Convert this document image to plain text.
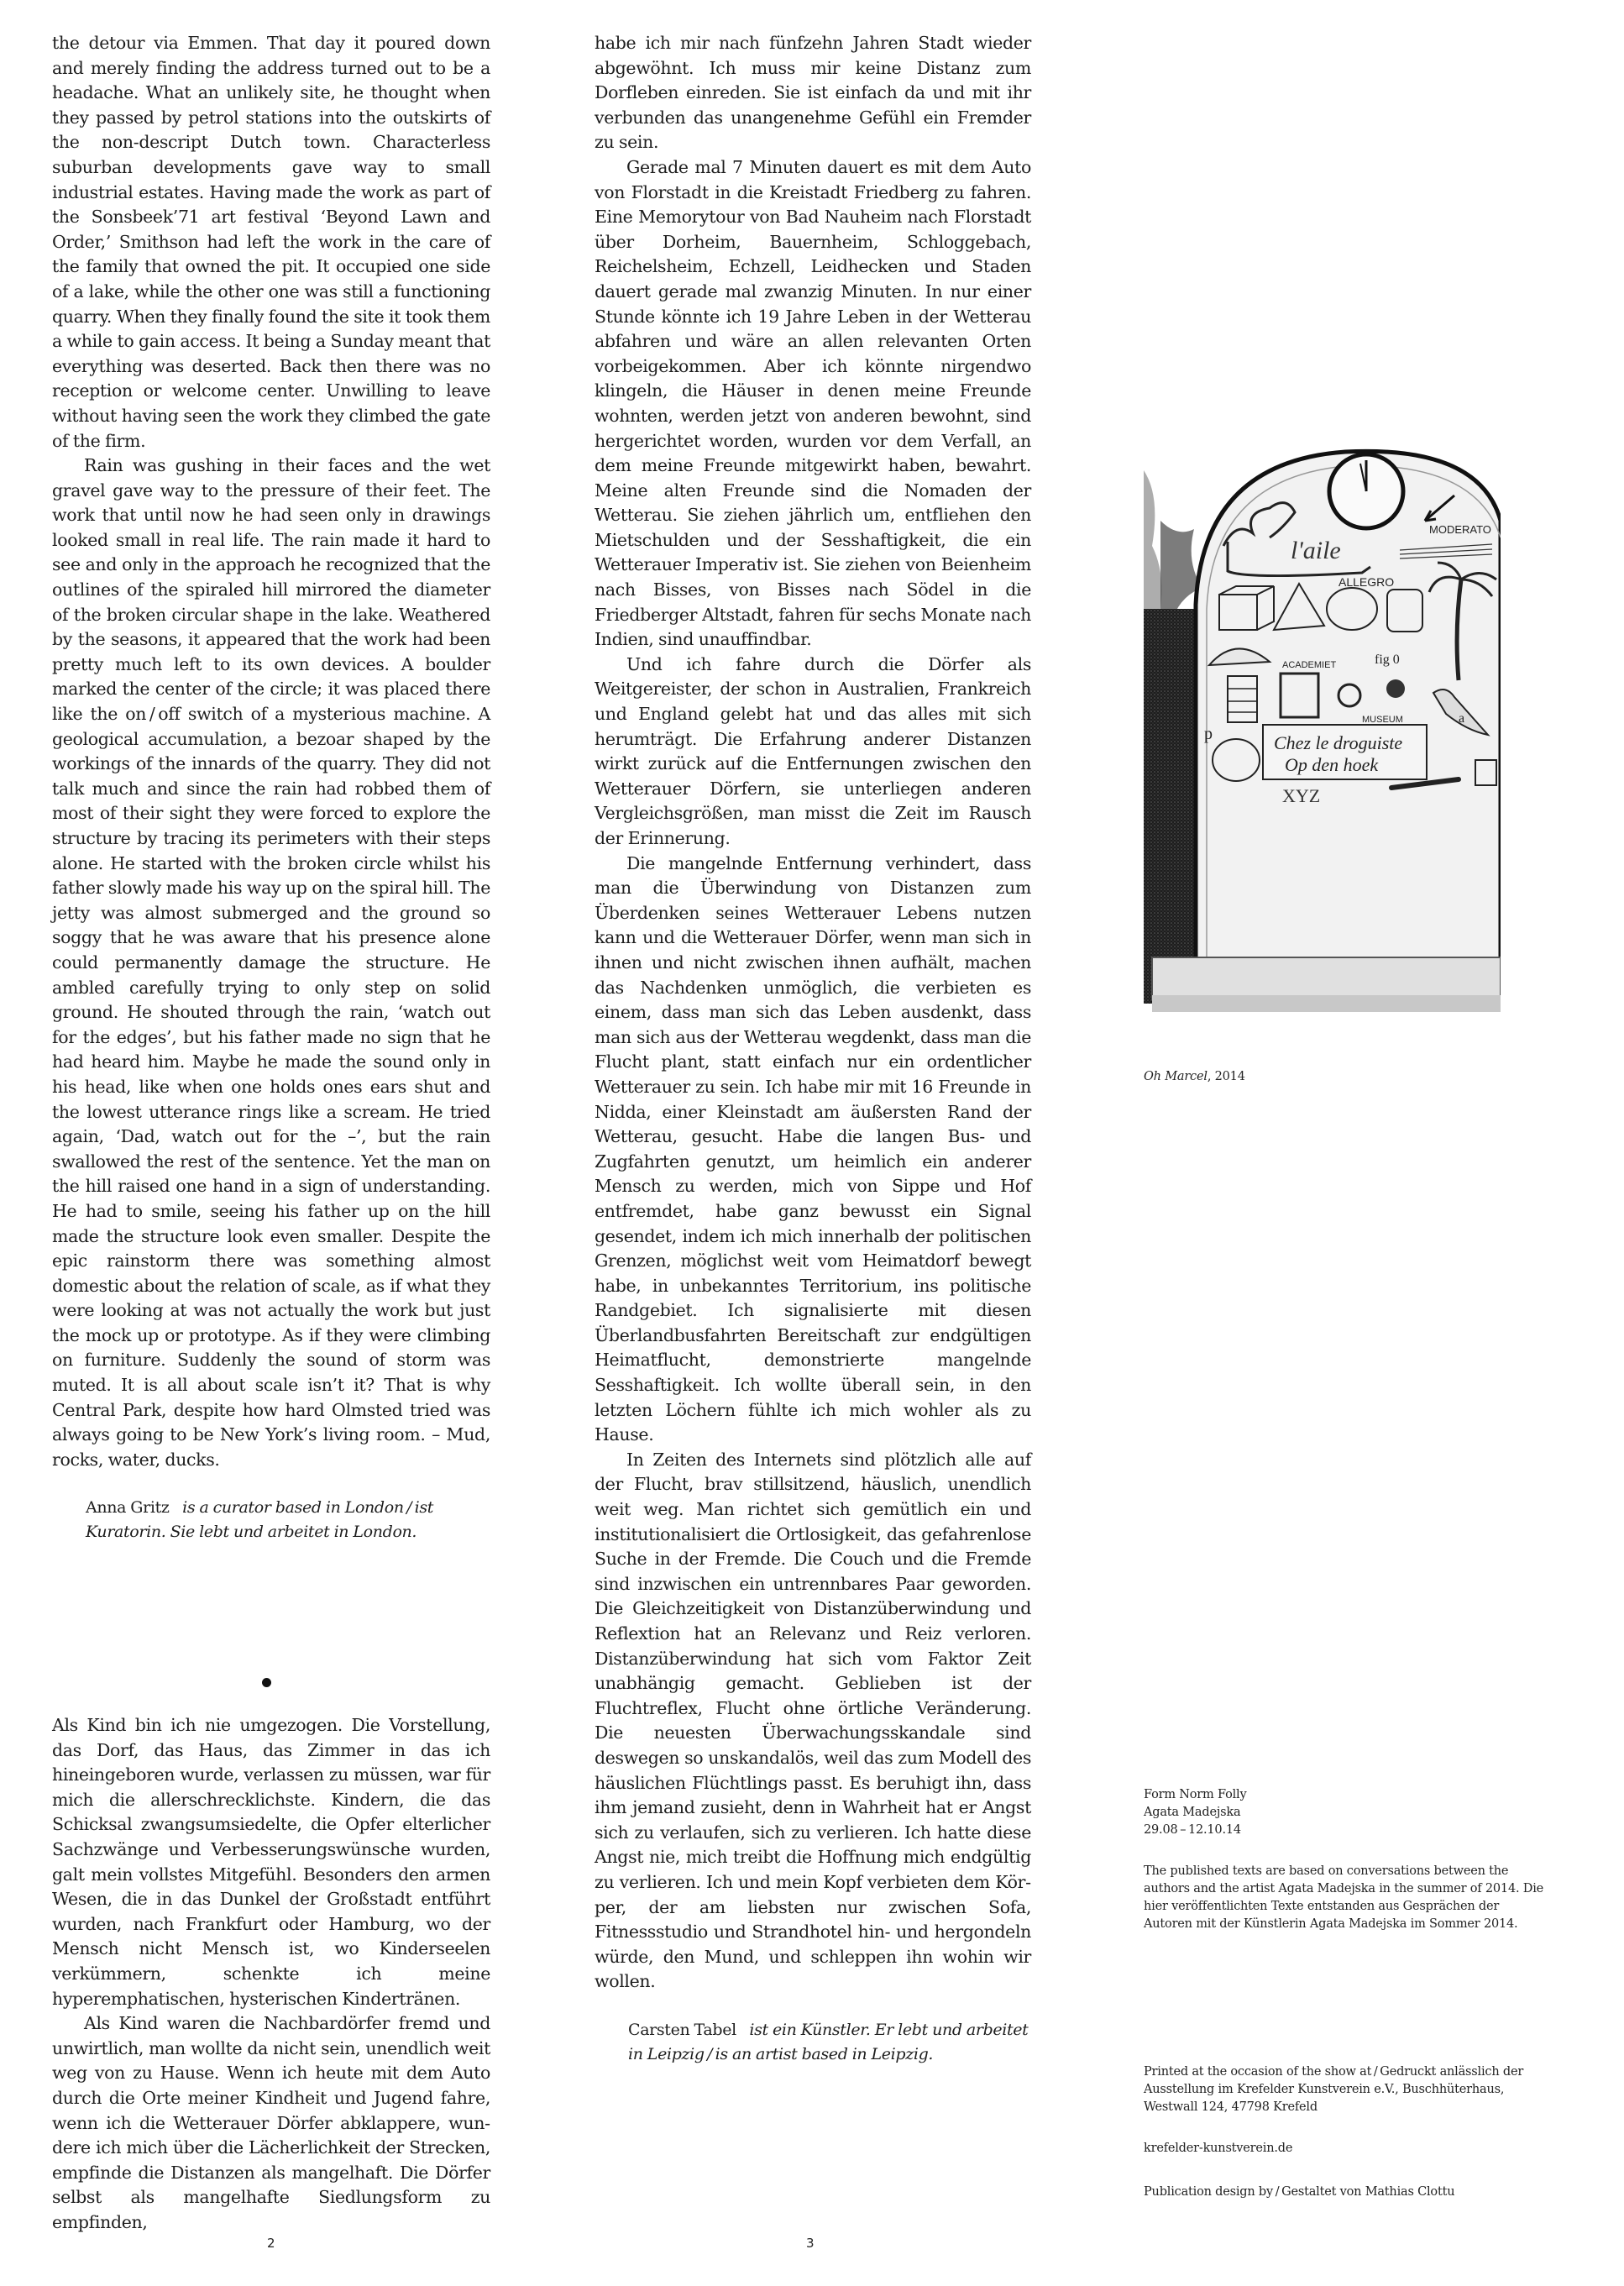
the detour via Emmen. That day it poured down and merely finding the address turned out to be a headache. What an unlikely site, he thought when they passed by petrol stations into the outskirts of the non-descript Dutch town. Characterless suburban developments gave way to small industrial estates. Having made the work as part of the Sonsbeek’71 art festival ‘Beyond Lawn and Order,’ Smithson had left the work in the care of the family that owned the pit. It occupied one side of a lake, while the other one was still a functioning quarry. When they finally found the site it took them a while to gain access. It being a Sunday meant that everything was deserted. Back then there was no reception or welcome center. Unwilling to leave without having seen the work they climbed the gate of the firm.

Rain was gushing in their faces and the wet gravel gave way to the pressure of their feet. The work that until now he had seen only in drawings looked small in real life. The rain made it hard to see and only in the approach he recognized that the outlines of the spiraled hill mirrored the diameter of the broken circular shape in the lake. Weathered by the seasons, it appeared that the work had been pretty much left to its own devices. A boulder marked the center of the circle; it was placed there like the on / off switch of a mysterious machine. A geological accumulation, a bezoar shaped by the workings of the innards of the quarry. They did not talk much and since the rain had robbed them of most of their sight they were forced to explore the structure by tracing its perimeters with their steps alone. He started with the broken circle whilst his father slowly made his way up on the spiral hill. The jetty was almost submerged and the ground so soggy that he was aware that his presence alone could permanently damage the structure. He ambled carefully trying to only step on solid ground. He shouted through the rain, ‘watch out for the edges’, but his father made no sign that he had heard him. Maybe he made the sound only in his head, like when one holds ones ears shut and the lowest utterance rings like a scream. He tried again, ‘Dad, watch out for the –’, but the rain swallowed the rest of the sentence. Yet the man on the hill raised one hand in a sign of understanding. He had to smile, seeing his father up on the hill made the structure look even smaller. Despite the epic rainstorm there was something almost domestic about the relation of scale, as if what they were looking at was not actually the work but just the mock up or prototype. As if they were climbing on furniture. Suddenly the sound of storm was muted. It is all about scale isn’t it? That is why Central Park, despite how hard Olmsted tried was always going to be New York’s living room. – Mud, rocks, water, ducks.

Anna Gritz is a curator based in London / ist Kuratorin. Sie lebt und arbeitet in London.

Als Kind bin ich nie umgezogen. Die Vorstellung, das Dorf, das Haus, das Zimmer in das ich hineingeboren wurde, verlassen zu müssen, war für mich die allerschrecklichste. Kindern, die das Schicksal zwangsumsiedelte, die Opfer elterlicher Sachzwänge und Verbesserungswünsche wurden, galt mein vollstes Mitgefühl. Besonders den armen Wesen, die in das Dunkel der Großstadt entführt wurden, nach Frankfurt oder Hamburg, wo der Mensch nicht Mensch ist, wo Kinderseelen verkümmern, schenkte ich meine hyperemphatischen, hysterischen Kindertränen.

Als Kind waren die Nachbardörfer fremd und unwirtlich, man wollte da nicht sein, unendlich weit weg von zu Hause. Wenn ich heute mit dem Auto durch die Orte meiner Kindheit und Jugend fahre, wenn ich die Wetterauer Dörfer abklappere, wundere ich mich über die Lächerlichkeit der Strecken, empfinde die Distanzen als mangelhaft. Die Dörfer selbst als mangelhafte Siedlungsform zu empfinden,

2

habe ich mir nach fünfzehn Jahren Stadt wieder abgewöhnt. Ich muss mir keine Distanz zum Dorfleben einreden. Sie ist einfach da und mit ihr verbunden das unangenehme Gefühl ein Fremder zu sein.

Gerade mal 7 Minuten dauert es mit dem Auto von Florstadt in die Kreistadt Friedberg zu fahren. Eine Memorytour von Bad Nauheim nach Florstadt über Dorheim, Bauernheim, Schloggebach, Reichelsheim, Echzell, Leidhecken und Staden dauert gerade mal zwanzig Minuten. In nur einer Stunde könnte ich 19 Jahre Leben in der Wetterau abfahren und wäre an allen relevanten Orten vorbeigekommen. Aber ich könnte nirgendwo klingeln, die Häuser in denen meine Freunde wohnten, werden jetzt von anderen bewohnt, sind hergerichtet worden, wurden vor dem Verfall, an dem meine Freunde mitgewirkt haben, bewahrt. Meine alten Freunde sind die Nomaden der Wetterau. Sie ziehen jährlich um, entfliehen den Mietschulden und der Sesshaftigkeit, die ein Wetterauer Imperativ ist. Sie ziehen von Beienheim nach Bisses, von Bisses nach Södel in die Friedberger Altstadt, fahren für sechs Monate nach Indien, sind unauffindbar.

Und ich fahre durch die Dörfer als Weitgereister, der schon in Australien, Frankreich und England gelebt hat und das alles mit sich herumträgt. Die Erfahrung anderer Distanzen wirkt zurück auf die Entfernungen zwischen den Wetterauer Dörfern, sie unterliegen anderen Vergleichsgrößen, man misst die Zeit im Rausch der Erinnerung.

Die mangelnde Entfernung verhindert, dass man die Überwindung von Distanzen zum Überdenken seines Wetterauer Lebens nutzen kann und die Wetterauer Dörfer, wenn man sich in ihnen und nicht zwischen ihnen aufhält, machen das Nachdenken unmöglich, die verbieten es einem, dass man sich das Leben ausdenkt, dass man sich aus der Wetterau wegdenkt, dass man die Flucht plant, statt einfach nur ein ordentlicher Wetterauer zu sein. Ich habe mir mit 16 Freunde in Nidda, einer Kleinstadt am äußersten Rand der Wetterau, gesucht. Habe die langen Bus- und Zugfahrten genutzt, um heimlich ein anderer Mensch zu werden, mich von Sippe und Hof entfremdet, habe ganz bewusst ein Signal gesendet, indem ich mich innerhalb der politischen Grenzen, möglichst weit vom Heimatdorf bewegt habe, in unbekanntes Territorium, ins politische Randgebiet. Ich signalisierte mit diesen Überlandbusfahrten Bereitschaft zur endgültigen Heimatflucht, demonstrierte mangelnde Sesshaftigkeit. Ich wollte überall sein, in den letzten Löchern fühlte ich mich wohler als zu Hause.

In Zeiten des Internets sind plötzlich alle auf der Flucht, brav stillsitzend, häuslich, unendlich weit weg. Man richtet sich gemütlich ein und institutionalisiert die Ortlosigkeit, das gefahrenlose Suche in der Fremde. Die Couch und die Fremde sind inzwischen ein untrennbares Paar geworden. Die Gleichzeitigkeit von Distanzüberwindung und Reflextion hat an Relevanz und Reiz verloren. Distanzüberwindung hat sich vom Faktor Zeit unabhängig gemacht. Geblieben ist der Fluchtreflex, Flucht ohne örtliche Veränderung. Die neuesten Überwachungsskandale sind deswegen so unskandalös, weil das zum Modell des häuslichen Flüchtlings passt. Es beruhigt ihn, dass ihm jemand zusieht, denn in Wahrheit hat er Angst sich zu verlaufen, sich zu verlieren. Ich hatte diese Angst nie, mich treibt die Hoffnung mich endgültig zu verlieren. Ich und mein Kopf verbieten dem Körper, der am liebsten nur zwischen Sofa, Fitnessstudio und Strandhotel hin- und hergondeln würde, den Mund, und schleppen ihn wohin wir wollen.

Carsten Tabel ist ein Künstler. Er lebt und arbeitet in Leipzig / is an artist based in Leipzig.
3
l'aile
MODERATO
ALLEGRO
ACADEMIET	fig 0
MUSEUM
p
a
Chez le droguiste
Op den hoek
XYZ
Oh Marcel, 2014
Form Norm Folly
Agata Madejska
29.08 – 12.10.14
The published texts are based on conversations between the authors and the artist Agata Madejska in the summer of 2014. Die hier veröffentlichten Texte entstanden aus Gesprächen der Autoren mit der Künstlerin Agata Madejska im Sommer 2014.
Printed at the occasion of the show at / Gedruckt anlässlich der Ausstellung im Krefelder Kunstverein e.V., Buschhüterhaus, Westwall 124, 47798 Krefeld
krefelder-kunstverein.de
Publication design by / Gestaltet von Mathias Clottu
